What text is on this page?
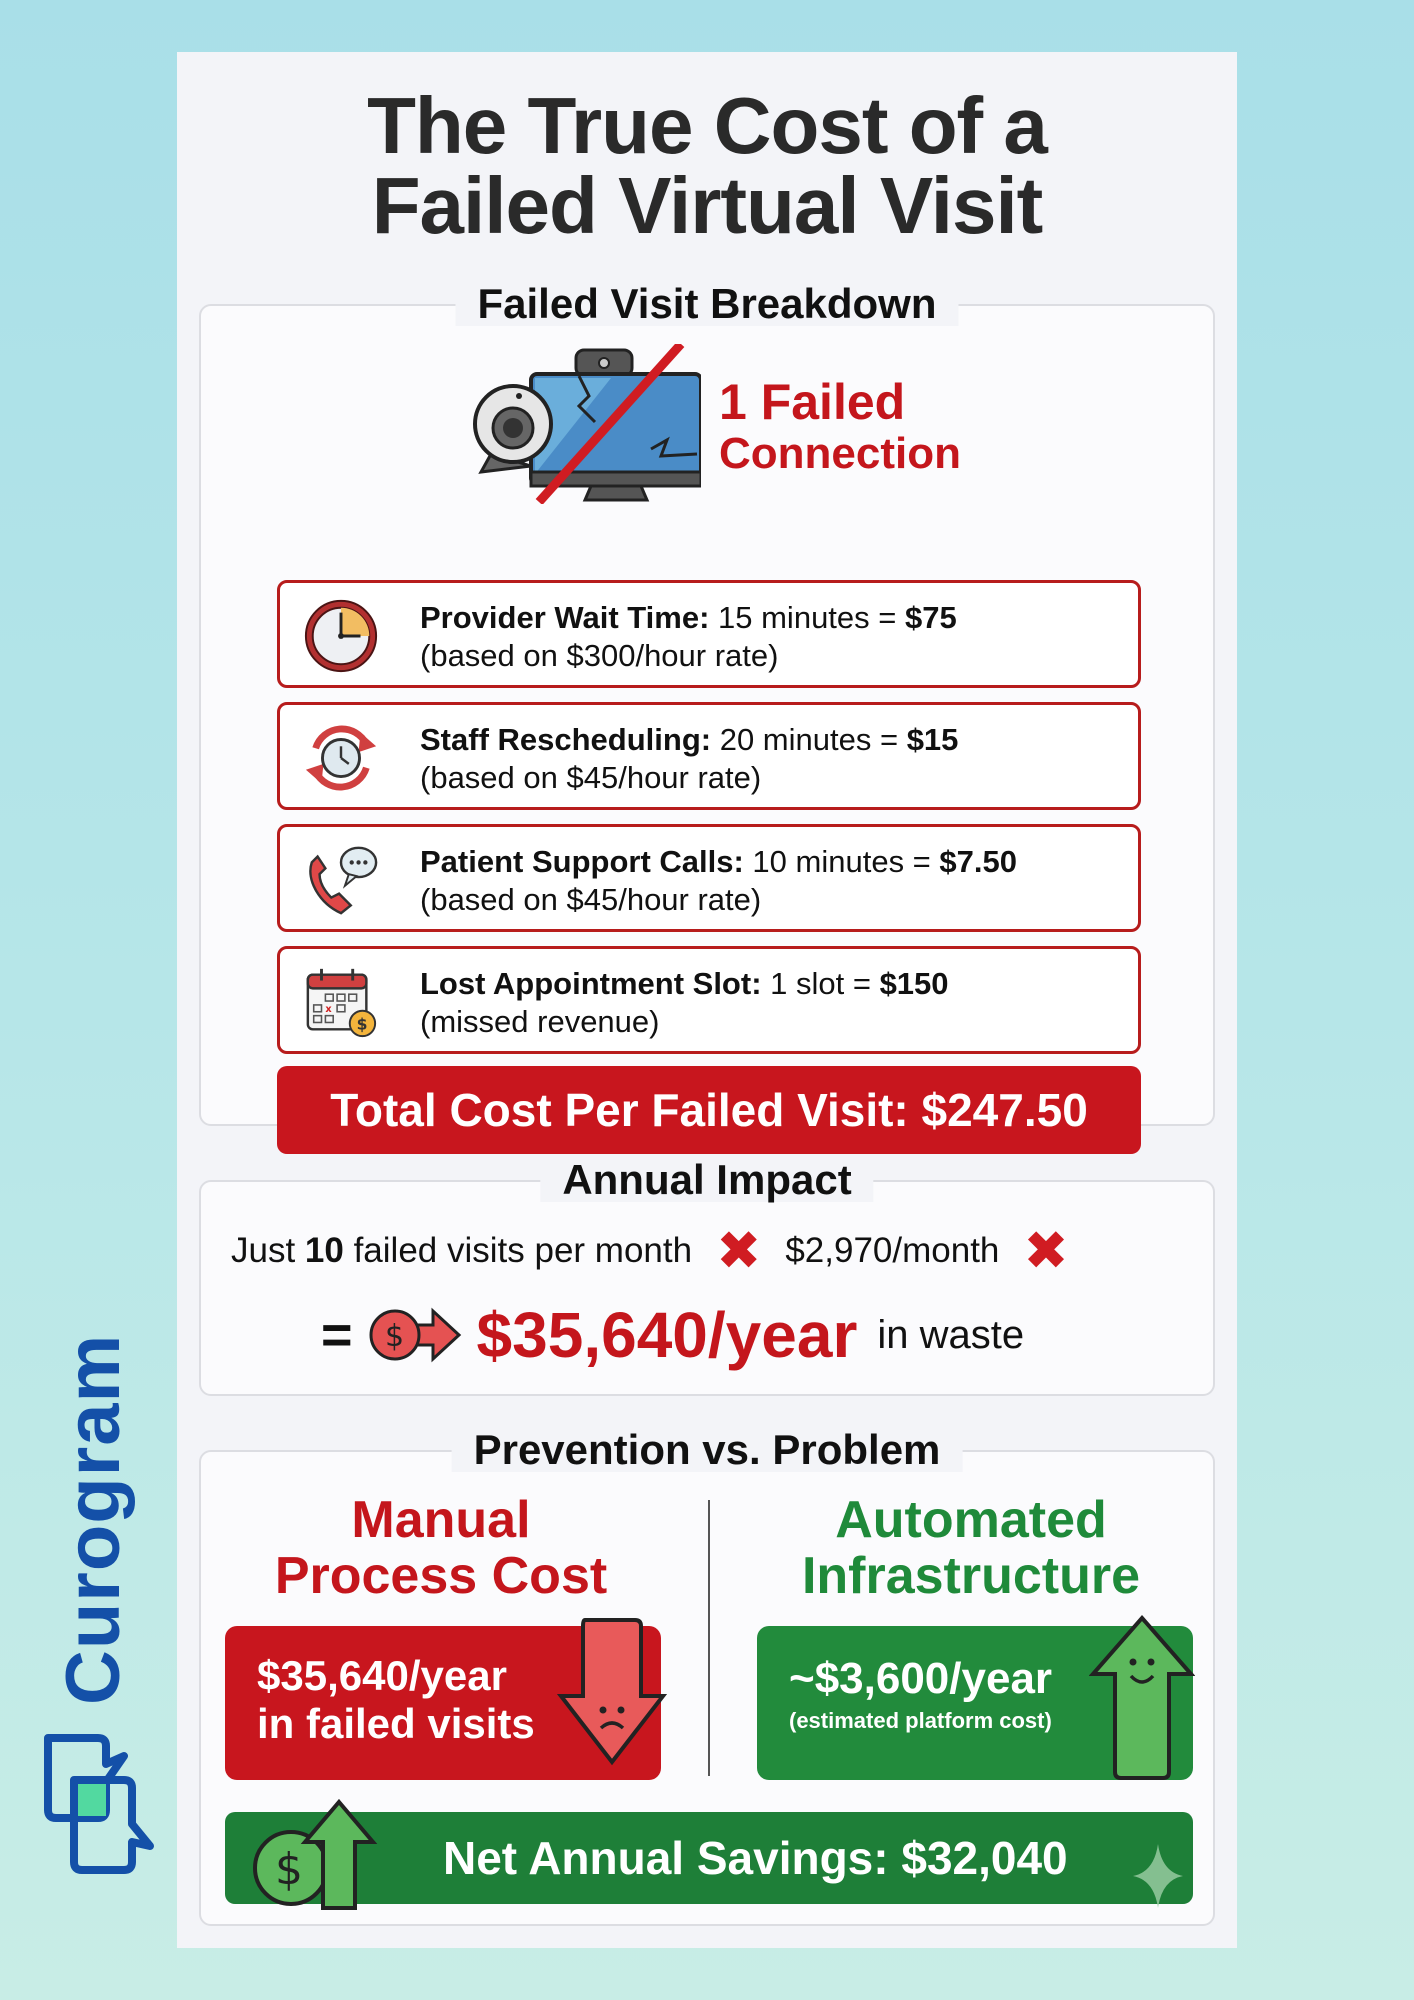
The True Cost of a
Failed Virtual Visit
Failed Visit Breakdown
1 Failed
Connection
Provider Wait Time: 15 minutes = $75
(based on $300/hour rate)
Staff Rescheduling: 20 minutes = $15
(based on $45/hour rate)
Patient Support Calls: 10 minutes = $7.50
(based on $45/hour rate)
x
$
Lost Appointment Slot: 1 slot = $150
(missed revenue)
Total Cost Per Failed Visit: $247.50
Annual Impact
Just 10 failed visits per month ✖ $2,970/month ✖
= $ $35,640/year in waste
Prevention vs. Problem
Manual
Process Cost
Automated
Infrastructure
$35,640/year
in failed visits
~$3,600/year
(estimated platform cost)
Net Annual Savings: $32,040
$
Curogram
